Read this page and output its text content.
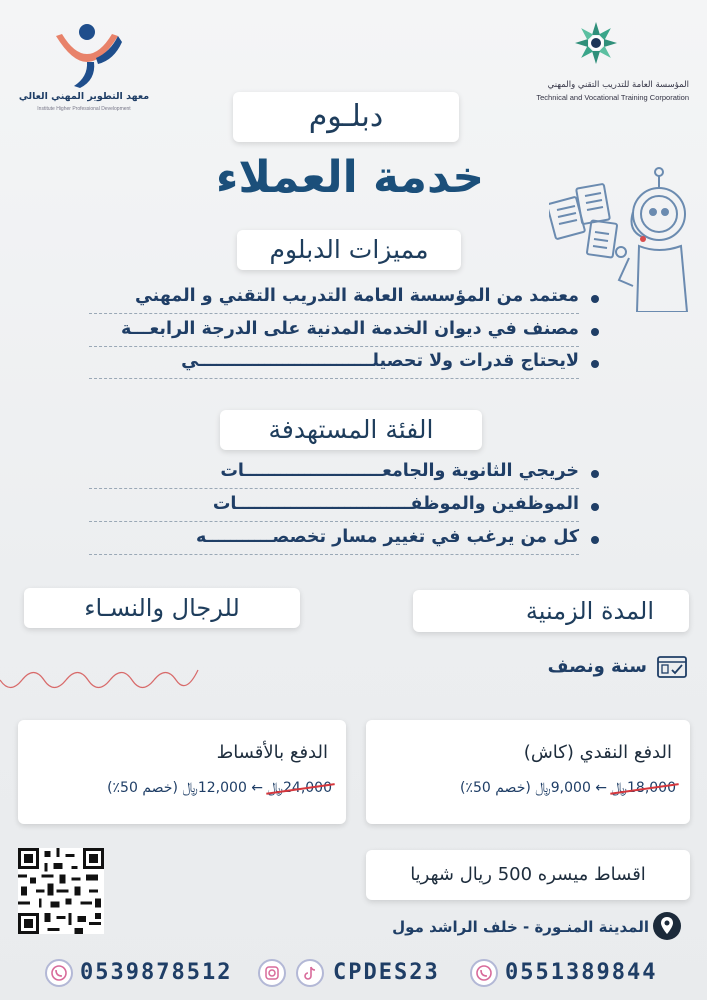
المؤسسة العامة للتدريب التقني والمهني
Technical and Vocational Training Corporation
معهد التطوير المهني العالي
Institute Higher Professional Development	دبلـوم
خدمة العملاء
مميزات الدبلوم
معتمد من المؤسسة العامة التدريب التقني و المهني
مصنف في ديوان الخدمة المدنية على الدرجة الرابعـــة
لايحتاج قدرات ولا تحصيلـــــــــــــــــــــــــــــي
الفئة المستهدفة
خريجي الثانوية والجامعـــــــــــــــــــــــات
الموظفين والموظفـــــــــــــــــــــــــــــات
كل من يرغب في تغيير مسار تخصصـــــــــــه
للرجال والنسـاء	المدة الزمنية
سنة ونصف
الدفع بالأقساط
24,000﷼ ← 12,000﷼ (خصم 50٪)
الدفع النقدي (كاش)
18,000﷼ ← 9,000﷼ (خصم 50٪)
اقساط ميسره 500 ريال شهريا
المدينة المنـورة - خلف الراشد مول
0539878512	CPDES23	0551389844
